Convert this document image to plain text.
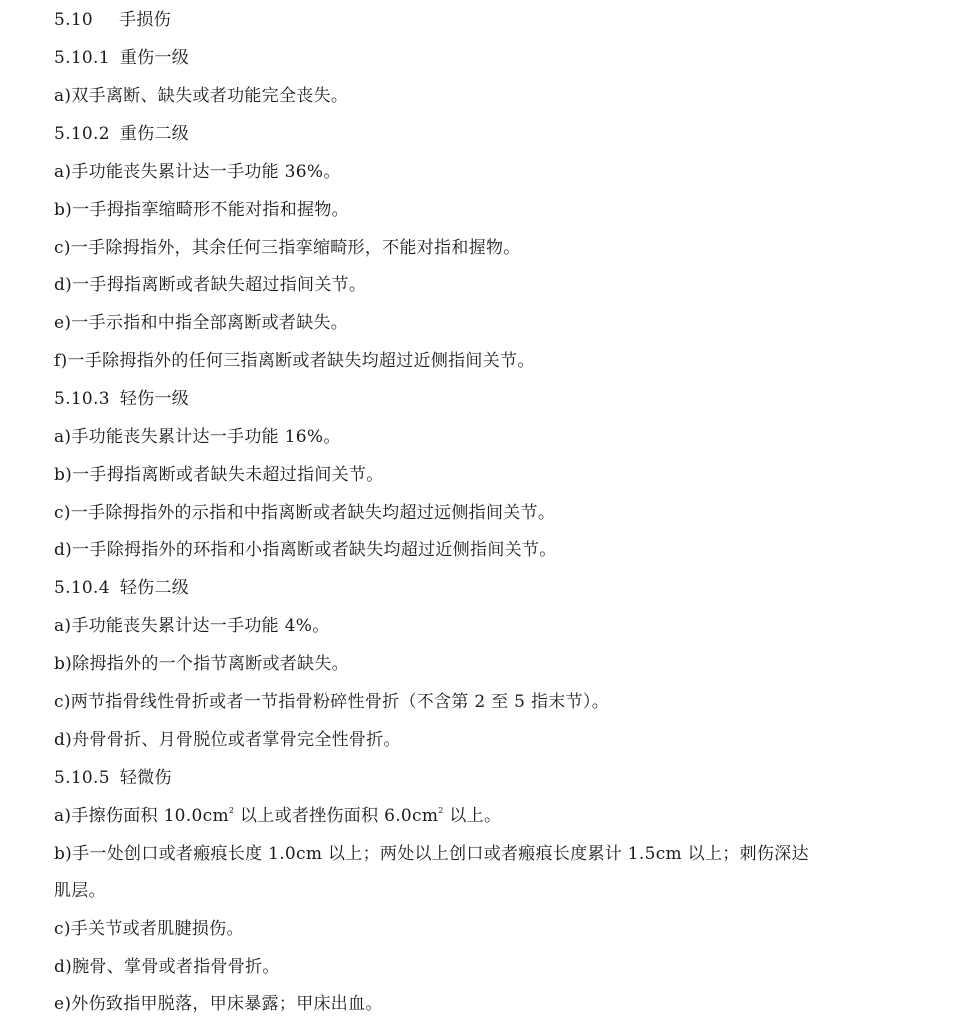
5.10 手损伤
5.10.1 重伤一级
a)双手离断、缺失或者功能完全丧失。
5.10.2 重伤二级
a)手功能丧失累计达一手功能 36%。
b)一手拇指挛缩畸形不能对指和握物。
c)一手除拇指外，其余任何三指挛缩畸形，不能对指和握物。
d)一手拇指离断或者缺失超过指间关节。
e)一手示指和中指全部离断或者缺失。
f)一手除拇指外的任何三指离断或者缺失均超过近侧指间关节。
5.10.3 轻伤一级
a)手功能丧失累计达一手功能 16%。
b)一手拇指离断或者缺失未超过指间关节。
c)一手除拇指外的示指和中指离断或者缺失均超过远侧指间关节。
d)一手除拇指外的环指和小指离断或者缺失均超过近侧指间关节。
5.10.4 轻伤二级
a)手功能丧失累计达一手功能 4%。
b)除拇指外的一个指节离断或者缺失。
c)两节指骨线性骨折或者一节指骨粉碎性骨折（不含第 2 至 5 指末节）。
d)舟骨骨折、月骨脱位或者掌骨完全性骨折。
5.10.5 轻微伤
a)手擦伤面积 $10.0cm^2$ 以上或者挫伤面积 $6.0cm^2$ 以上。
b)手一处创口或者瘢痕长度 1.0cm 以上；两处以上创口或者瘢痕长度累计 1.5cm 以上；刺伤深达
肌层。
c)手关节或者肌腱损伤。
d)腕骨、掌骨或者指骨骨折。
e)外伤致指甲脱落，甲床暴露；甲床出血。
